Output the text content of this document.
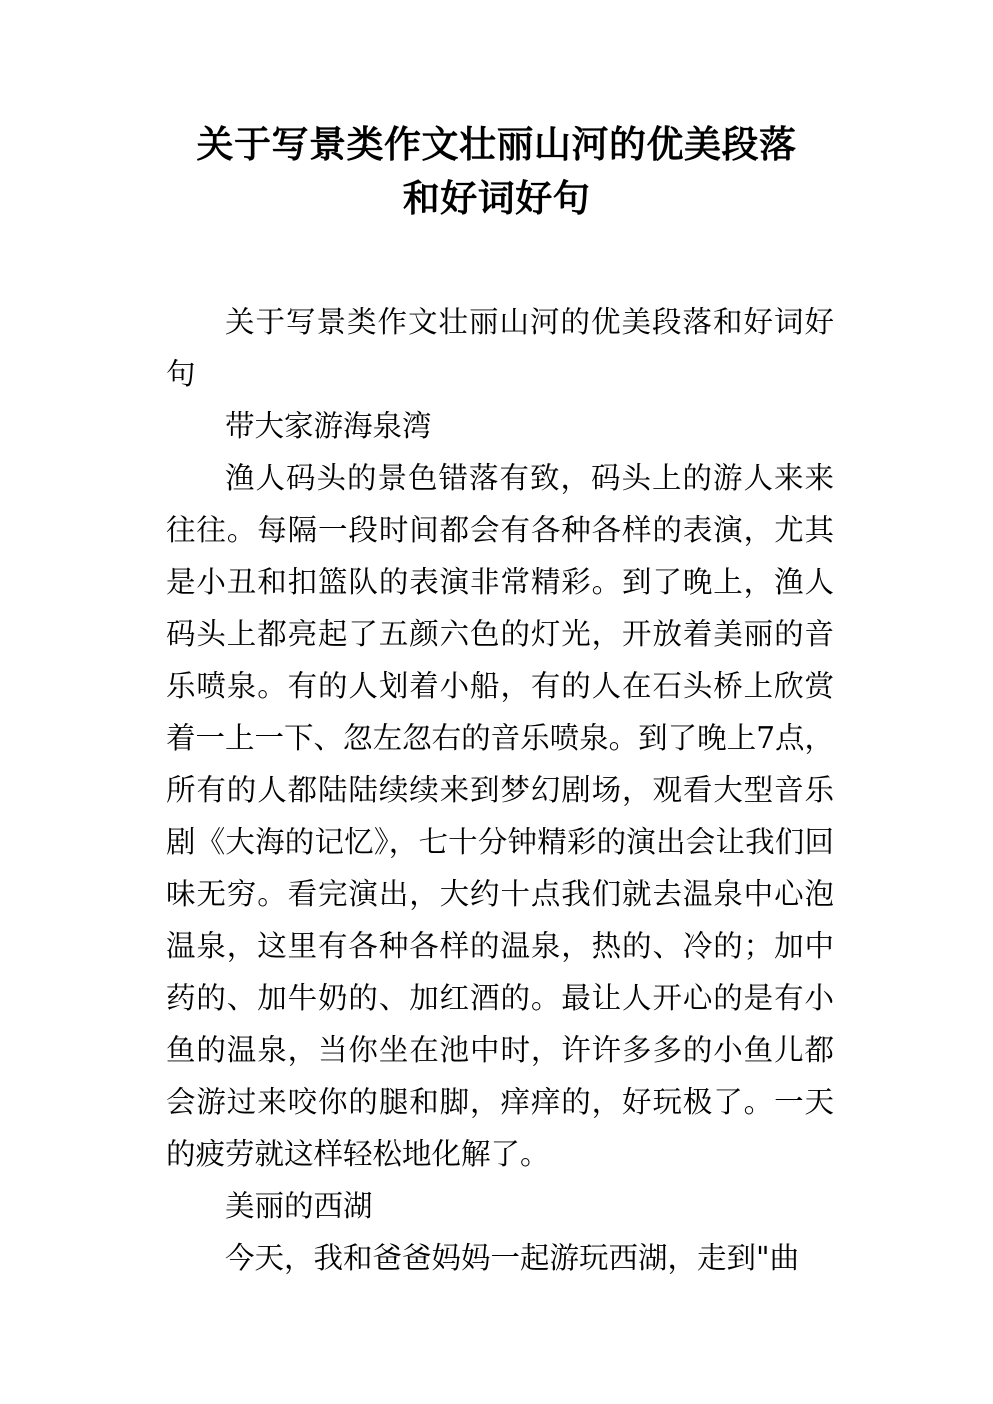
关于写景类作文壮丽山河的优美段落
和好词好句

关于写景类作文壮丽山河的优美段落和好词好句

带大家游海泉湾

渔人码头的景色错落有致，码头上的游人来来往往。每隔一段时间都会有各种各样的表演，尤其是小丑和扣篮队的表演非常精彩。到了晚上，渔人码头上都亮起了五颜六色的灯光，开放着美丽的音乐喷泉。有的人划着小船，有的人在石头桥上欣赏着一上一下、忽左忽右的音乐喷泉。到了晚上7点，所有的人都陆陆续续来到梦幻剧场，观看大型音乐剧《大海的记忆》，七十分钟精彩的演出会让我们回味无穷。看完演出，大约十点我们就去温泉中心泡温泉，这里有各种各样的温泉，热的、冷的；加中药的、加牛奶的、加红酒的。最让人开心的是有小鱼的温泉，当你坐在池中时，许许多多的小鱼儿都会游过来咬你的腿和脚，痒痒的，好玩极了。一天的疲劳就这样轻松地化解了。

美丽的西湖

今天，我和爸爸妈妈一起游玩西湖，走到"曲
